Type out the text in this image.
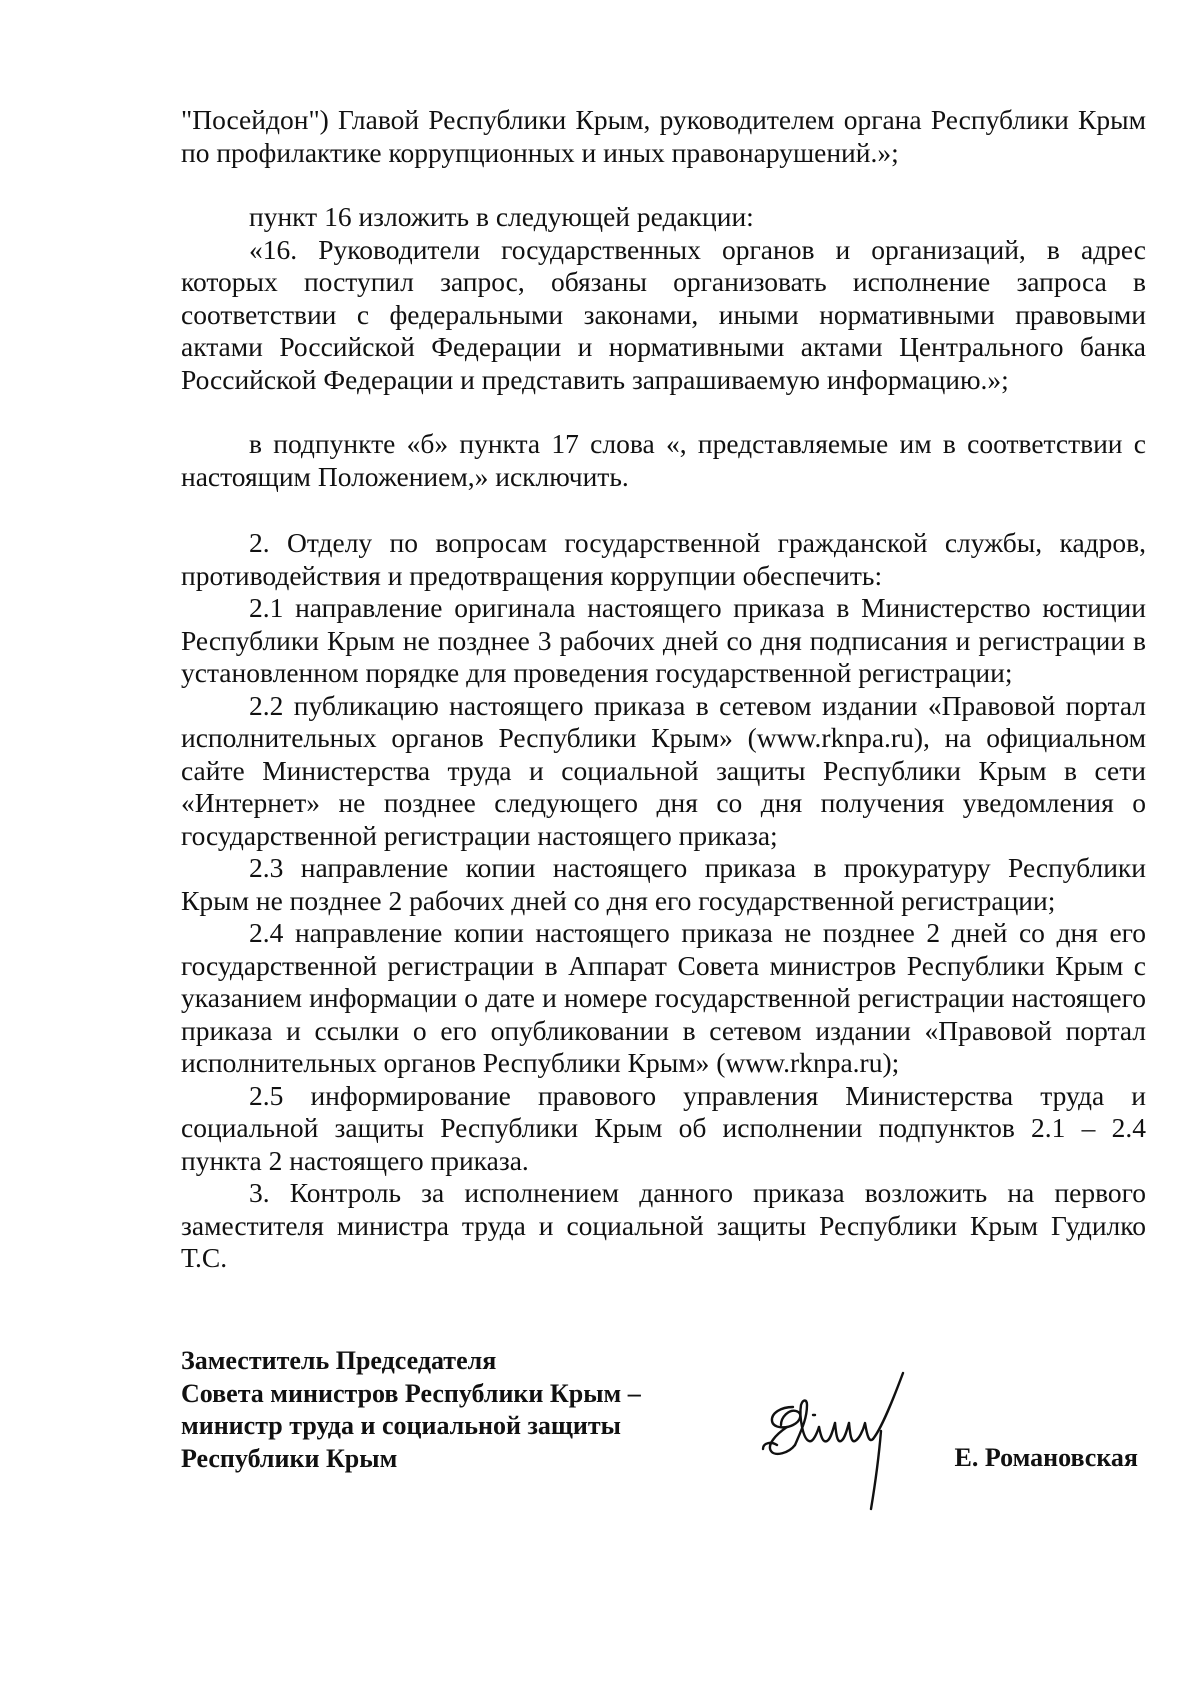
"Посейдон") Главой Республики Крым, руководителем органа Республики Крым по профилактике коррупционных и иных правонарушений.»;

пункт 16 изложить в следующей редакции:

«16. Руководители государственных органов и организаций, в адрес которых поступил запрос, обязаны организовать исполнение запроса в соответствии с федеральными законами, иными нормативными правовыми актами Российской Федерации и нормативными актами Центрального банка Российской Федерации и представить запрашиваемую информацию.»;

в подпункте «б» пункта 17 слова «, представляемые им в соответствии с настоящим Положением,» исключить.

2. Отделу по вопросам государственной гражданской службы, кадров, противодействия и предотвращения коррупции обеспечить:

2.1 направление оригинала настоящего приказа в Министерство юстиции Республики Крым не позднее 3 рабочих дней со дня подписания и регистрации в установленном порядке для проведения государственной регистрации;

2.2 публикацию настоящего приказа в сетевом издании «Правовой портал исполнительных органов Республики Крым» (www.rknpa.ru), на официальном сайте Министерства труда и социальной защиты Республики Крым в сети «Интернет» не позднее следующего дня со дня получения уведомления о государственной регистрации настоящего приказа;

2.3 направление копии настоящего приказа в прокуратуру Республики Крым не позднее 2 рабочих дней со дня его государственной регистрации;

2.4 направление копии настоящего приказа не позднее 2 дней со дня его государственной регистрации в Аппарат Совета министров Республики Крым с указанием информации о дате и номере государственной регистрации настоящего приказа и ссылки о его опубликовании в сетевом издании «Правовой портал исполнительных органов Республики Крым» (www.rknpa.ru);

2.5 информирование правового управления Министерства труда и социальной защиты Республики Крым об исполнении подпунктов 2.1 – 2.4 пункта 2 настоящего приказа.

3. Контроль за исполнением данного приказа возложить на первого заместителя министра труда и социальной защиты Республики Крым Гудилко Т.С.

Заместитель Председателя
Совета министров Республики Крым –
министр труда и социальной защиты
Республики Крым	Е. Романовская
